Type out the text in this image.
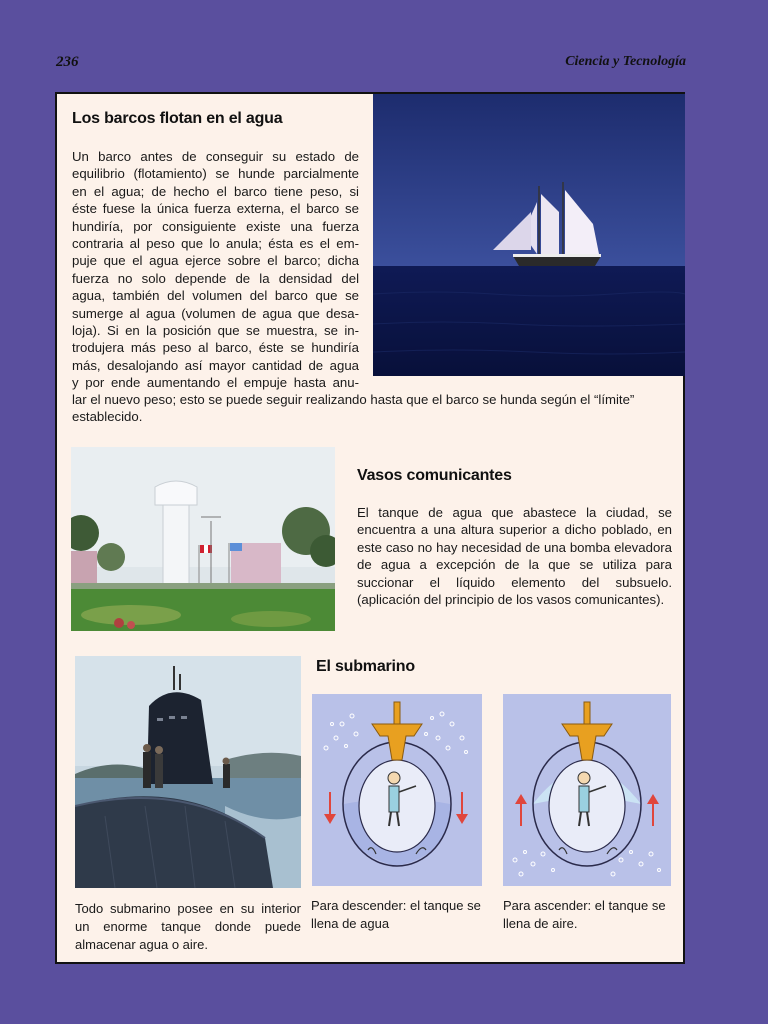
236	Ciencia y Tecnología
Los barcos flotan en el agua
Un barco antes de conseguir su estado de
equilibrio (flotamiento) se hunde parcialmente
en el agua; de hecho el barco tiene peso, si
éste fuese la única fuerza externa, el barco se
hundiría, por consiguiente existe una fuerza
contraria al peso que lo anula; ésta es el em-
puje que el agua ejerce sobre el barco; dicha
fuerza no solo depende de la densidad del
agua, también del volumen del barco que se
sumerge al agua (volumen de agua que desa-
loja). Si en la posición que se muestra, se in-
trodujera más peso al barco, éste se hundiría
más, desalojando así mayor cantidad de agua
y por ende aumentando el empuje hasta anu-
lar el nuevo peso; esto se puede seguir realizando hasta que el barco se hunda según el “límite” establecido.
Vasos comunicantes
El tanque de agua que abastece la ciudad, se encuentra a una altura superior a dicho poblado, en este caso no hay necesidad de una bomba elevadora de agua a excepción de la que se utiliza para succionar el líquido elemento del subsuelo. (aplicación del principio de los vasos comunicantes).
El submarino

Todo submarino posee en su interior un enorme tanque donde puede almacenar agua o aire.

Para descender: el tanque se llena de agua

Para ascender: el tanque se llena de aire.
